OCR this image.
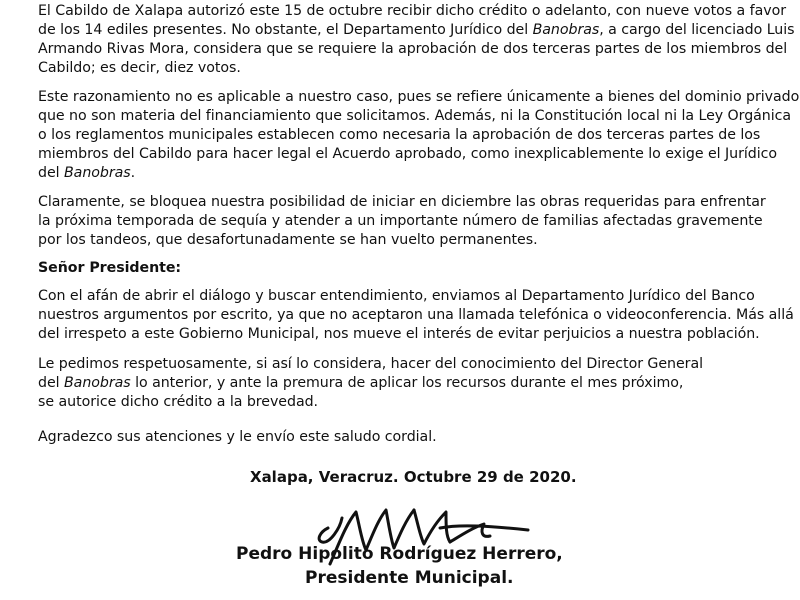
El Cabildo de Xalapa autorizó este 15 de octubre recibir dicho crédito o adelanto, con nueve votos a favor
de los 14 ediles presentes. No obstante, el Departamento Jurídico del Banobras, a cargo del licenciado Luis
Armando Rivas Mora, considera que se requiere la aprobación de dos terceras partes de los miembros del
Cabildo; es decir, diez votos.
Este razonamiento no es aplicable a nuestro caso, pues se refiere únicamente a bienes del dominio privado
que no son materia del financiamiento que solicitamos. Además, ni la Constitución local ni la Ley Orgánica
o los reglamentos municipales establecen como necesaria la aprobación de dos terceras partes de los
miembros del Cabildo para hacer legal el Acuerdo aprobado, como inexplicablemente lo exige el Jurídico
del Banobras.
Claramente, se bloquea nuestra posibilidad de iniciar en diciembre las obras requeridas para enfrentar
la próxima temporada de sequía y atender a un importante número de familias afectadas gravemente
por los tandeos, que desafortunadamente se han vuelto permanentes.
Señor Presidente:
Con el afán de abrir el diálogo y buscar entendimiento, enviamos al Departamento Jurídico del Banco
nuestros argumentos por escrito, ya que no aceptaron una llamada telefónica o videoconferencia. Más allá
del irrespeto a este Gobierno Municipal, nos mueve el interés de evitar perjuicios a nuestra población.
Le pedimos respetuosamente, si así lo considera, hacer del conocimiento del Director General
del Banobras lo anterior, y ante la premura de aplicar los recursos durante el mes próximo,
se autorice dicho crédito a la brevedad.
Agradezco sus atenciones y le envío este saludo cordial.
Xalapa, Veracruz. Octubre 29 de 2020.
Pedro Hipolito Rodríguez Herrero,
Presidente Municipal.
